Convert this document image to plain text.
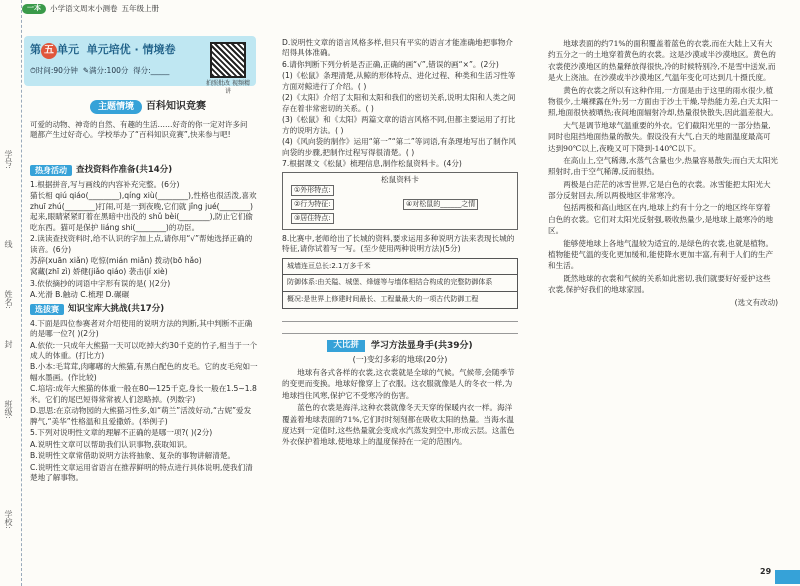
学号:
姓名:
班级:
学校:
线
封
一本	小学语文周末小测卷 五年级上册
第 五 单元 单元培优 · 情境卷
⏱时间:90分钟 ✎满分:100分 得分:_____
拍照批改 视频精讲
主题情境	百科知识竞赛

可爱的动物、神奇的自然、有趣的生活……好奇的你一定对许多问题都产生过好奇心。学校举办了“百科知识竞赛”,快来参与吧!

热身活动	查找资料作准备(共14分)

1.根据拼音,写与画线的内容补充完整。(6分)

猫长相 qiú qiáo(________),qíng xiù(________),性格也很活泼,喜欢 zhuī zhú(________)打闹,可是一到夜晚,它们就 jǐng jué(________)起来,眼睛紧紧盯着在黑暗中出没的 shǔ bèi(________),防止它们偷吃东西。猫可是保护 liáng shi(________)的功臣。

2.读读查找资料时,给不认识的字加上点,请你用“√”帮她选择正确的读音。(6分)

苏辞(xuān xiǎn) 吃惊(mián miǎn) 拨动(bō hǎo)

窝藏(zhī zì) 娇健(jiǎo qiáo) 袭击(jí xiè)

3.依依摘抄的词语中字形有误的是( )(2分)

A.光滑 B.触动 C.梳理 D.碾碾

选拔赛	知识宝库大挑战(共17分)

4.下面是四位参赛者对介绍使用的说明方法的判断,其中判断不正确的是哪一位?( )(2分)

A.依依:一只成年大熊猫一天可以吃掉大约30千克的竹子,相当于一个成人的体重。(打比方)

B.小本:毛茸茸,肉嘟嘟的大熊猫,有黑白配色的皮毛。它的皮毛宛如一幅水墨画。(作比较)

C.培培:成年大熊猫的体重一般在80—125千克,身长一般在1.5~1.8米。它们的尾巴短得常常被人们忽略掉。(列数字)

D.思思:在京动物园的大熊猫习性多,如“萌兰”活泼好动,“古妮”爱发脾气,“美华”性格温和且爱撒娇。(举例子)

5.下列对说明性文章的理解不正确的是哪一项?( )(2分)

A.说明性文章可以帮助我们认识事物,获取知识。

B.说明性文章常借助说明方法将抽象、复杂的事物讲解清楚。

C.说明性文章运用省语言在推荐鲜明的特点进行具体说明,使我们清楚地了解事物。

D.说明性文章的语言风格多样,但只有平实的语言才能准确地把事物介绍得具体准确。

6.请你判断下列分析是否正确,正确的画“√”,错误的画“×”。(2分)

(1)《松鼠》条理清楚,从鲸的形体特点、进化过程、种类和生活习性等方面对鲸进行了介绍。( )

(2)《太阳》介绍了太阳和太阳和我们的密切关系,说明太阳和人类之间存在着非常密切的关系。( )

(3)《松鼠》和《太阳》两篇文章的语言风格不同,但都主要运用了打比方的说明方法。( )

(4)《风向袋的制作》运用“第一”“第二”等词语,有条理地写出了制作风向袋的步骤,把制作过程写得很清楚。( )

7.根据课文《松鼠》梳理信息,制作松鼠资料卡。(4分)

松鼠资料卡
①外形特点:
②行为特征:
③居住特点:
④对松鼠的______之情

8.比赛中,老师给出了长城的资料,要求运用多种说明方法来表现长城的特征,请你试着写一写。(至少使用两种说明方法)(5分)

城墙连亘总长:2.1万多千米
防御体系:由关隘、城堡、烽燧等与墙体相结合构成的完整防御体系
概况:是世界上修建时间最长、工程量最大的一项古代防御工程
大比拼	学习方法显身手(共39分)
(一)变幻多彩的地球(20分)

地球有各式各样的衣裳,这衣裳就是全球的气候。气候带,会随季节的变更而变换。地球好像穿上了衣服。这衣服就像是人的冬衣一样,为地球挡住风寒,保护它不受寒冷的伤害。

蓝色的衣裳是海洋,这种衣裳就像冬天天穿的保暖内衣一样。海洋覆盖着地球表面的71%,它们时时刻刻都在吸收太阳的热量。当海水温度达到一定值时,这些热量就会变成水汽蒸发到空中,形成云层。这蓝色外衣保护着地球,使地球上的温度保持在一定的范围内。

地球表面的约71%的面积覆盖着蓝色的衣裳,而在大陆上又有大约五分之一的土地穿着黄色的衣裳。这是沙漠或半沙漠地区。黄色的衣裳使沙漠地区的热量释放得很快,冷的时候特别冷,不是雪中送炭,而是火上浇油。在沙漠或半沙漠地区,气温年变化可达到几十摄氏度。

黄色的衣裳之所以有这种作用,一方面是由于这里的雨水很少,植物很少,土壤裸露在外;另一方面由于沙土干燥,导热能力差,白天太阳一照,地面很快被晒热;夜间地面辐射冷却,热量很快散失,因此温差很大。

大气是调节地球气温重要的外衣。它们截阳光里的一部分热量,同时也阻挡地面热量的散失。假设没有大气,白天的地面温度最高可达到90℃以上,夜晚又可下降到-140℃以下。

在高山上,空气稀薄,水蒸气含量也少,热量容易散失;而白天太阳光照射时,由于空气稀薄,反而很热。

两极是白茫茫的冰雪世界,它是白色的衣裳。冰雪能把太阳光大部分反射回去,所以两极地区非常寒冷。

包括两极和高山地区在内,地球上约有十分之一的地区终年穿着白色的衣裳。它们对太阳光反射强,吸收热量少,是地球上最寒冷的地区。

能够使地球上各地气温较为适宜的,是绿色的衣裳,也就是植物。植物能使气温的变化更加缓和,能使降水更加丰富,有利于人们的生产和生活。

既然地球的衣裳和气候的关系如此密切,我们就要好好爱护这些衣裳,保护好我们的地球家园。

(选文有改动)
29
